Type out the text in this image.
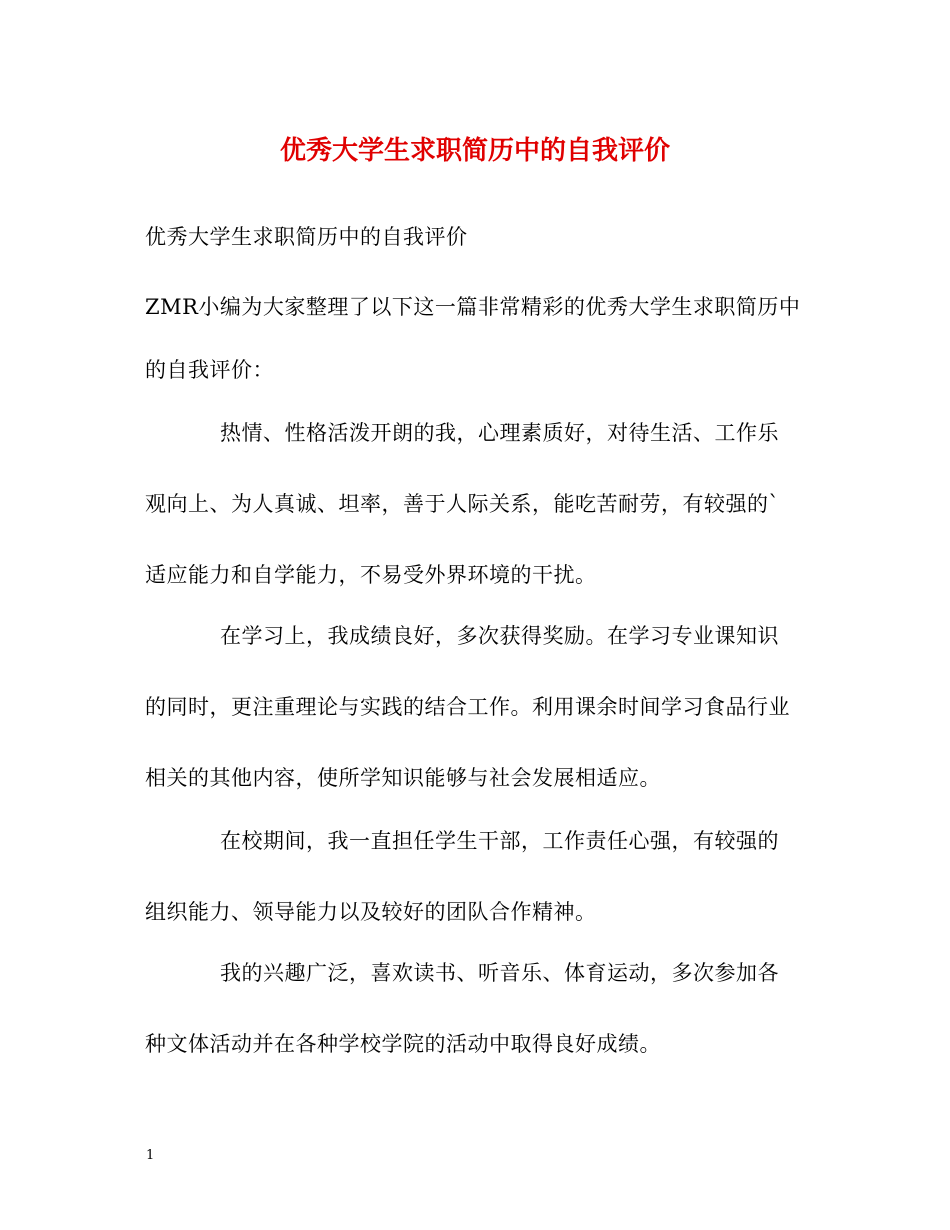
优秀大学生求职简历中的自我评价
优秀大学生求职简历中的自我评价
ZMR小编为大家整理了以下这一篇非常精彩的优秀大学生求职简历中
的自我评价：
热情、性格活泼开朗的我，心理素质好，对待生活、工作乐
观向上、为人真诚、坦率，善于人际关系，能吃苦耐劳，有较强的`
适应能力和自学能力，不易受外界环境的干扰。
在学习上，我成绩良好，多次获得奖励。在学习专业课知识
的同时，更注重理论与实践的结合工作。利用课余时间学习食品行业
相关的其他内容，使所学知识能够与社会发展相适应。
在校期间，我一直担任学生干部，工作责任心强，有较强的
组织能力、领导能力以及较好的团队合作精神。
我的兴趣广泛，喜欢读书、听音乐、体育运动，多次参加各
种文体活动并在各种学校学院的活动中取得良好成绩。
1
